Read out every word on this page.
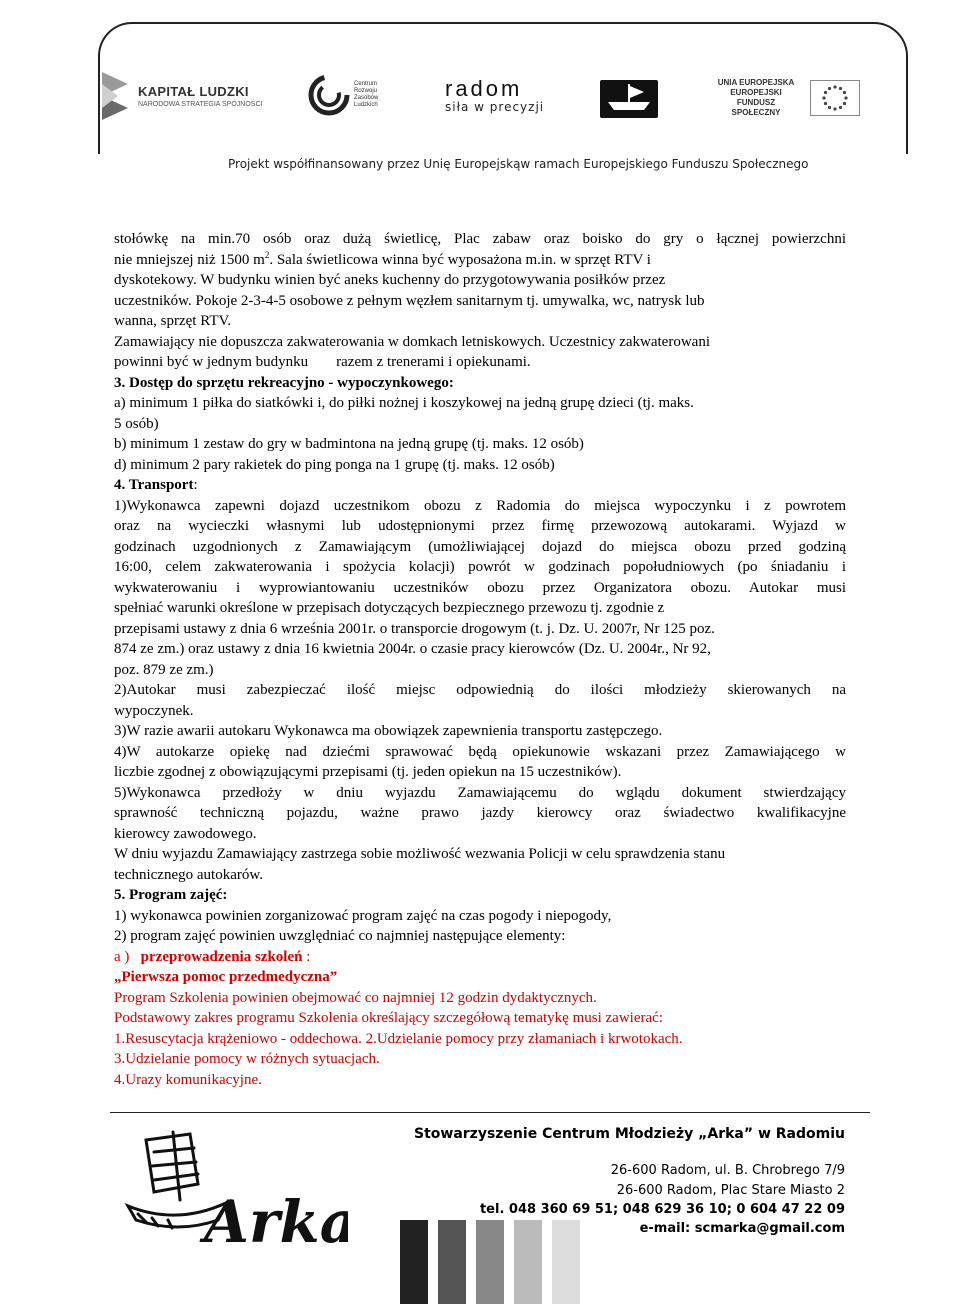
KAPITAŁ LUDZKI
NARODOWA STRATEGIA SPÓJNOŚCI
Centrum
Rozwoju
Zasobów
Ludzkich
radom
siła w precyzji
UNIA EUROPEJSKA
EUROPEJSKI
FUNDUSZ SPOŁECZNY
Projekt współfinansowany przez Unię Europejskąw ramach Europejskiego Funduszu Społecznego

stołówkę na min.70 osób oraz dużą świetlicę, Plac zabaw oraz boisko do gry o łącznej powierzchni

nie mniejszej niż 1500 $m^2$. Sala świetlicowa winna być wyposażona m.in. w sprzęt RTV i

dyskotekowy. W budynku winien być aneks kuchenny do przygotowywania posiłków przez

uczestników. Pokoje 2-3-4-5 osobowe z pełnym węzłem sanitarnym tj. umywalka, wc, natrysk lub

wanna, sprzęt RTV.

Zamawiający nie dopuszcza zakwaterowania w domkach letniskowych. Uczestnicy zakwaterowani

powinni być w jednym budynku razem z trenerami i opiekunami.

3. Dostęp do sprzętu rekreacyjno - wypoczynkowego:

a) minimum 1 piłka do siatkówki i, do piłki nożnej i koszykowej na jedną grupę dzieci (tj. maks.

5 osób)

b) minimum 1 zestaw do gry w badmintona na jedną grupę (tj. maks. 12 osób)

d) minimum 2 pary rakietek do ping ponga na 1 grupę (tj. maks. 12 osób)

4. Transport:

1)Wykonawca zapewni dojazd uczestnikom obozu z Radomia do miejsca wypoczynku i z powrotem

oraz na wycieczki własnymi lub udostępnionymi przez firmę przewozową autokarami. Wyjazd w

godzinach uzgodnionych z Zamawiającym (umożliwiającej dojazd do miejsca obozu przed godziną

16:00, celem zakwaterowania i spożycia kolacji) powrót w godzinach popołudniowych (po śniadaniu i

wykwaterowaniu i wyprowiantowaniu uczestników obozu przez Organizatora obozu. Autokar musi

spełniać warunki określone w przepisach dotyczących bezpiecznego przewozu tj. zgodnie z

przepisami ustawy z dnia 6 września 2001r. o transporcie drogowym (t. j. Dz. U. 2007r, Nr 125 poz.

874 ze zm.) oraz ustawy z dnia 16 kwietnia 2004r. o czasie pracy kierowców (Dz. U. 2004r., Nr 92,

poz. 879 ze zm.)

2)Autokar musi zabezpieczać ilość miejsc odpowiednią do ilości młodzieży skierowanych na

wypoczynek.

3)W razie awarii autokaru Wykonawca ma obowiązek zapewnienia transportu zastępczego.

4)W autokarze opiekę nad dziećmi sprawować będą opiekunowie wskazani przez Zamawiającego w

liczbie zgodnej z obowiązującymi przepisami (tj. jeden opiekun na 15 uczestników).

5)Wykonawca przedłoży w dniu wyjazdu Zamawiającemu do wglądu dokument stwierdzający

sprawność techniczną pojazdu, ważne prawo jazdy kierowcy oraz świadectwo kwalifikacyjne

kierowcy zawodowego.

W dniu wyjazdu Zamawiający zastrzega sobie możliwość wezwania Policji w celu sprawdzenia stanu

technicznego autokarów.

5. Program zajęć:

1) wykonawca powinien zorganizować program zajęć na czas pogody i niepogody,

2) program zajęć powinien uwzględniać co najmniej następujące elementy:

a ) przeprowadzenia szkoleń :

„Pierwsza pomoc przedmedyczna”

Program Szkolenia powinien obejmować co najmniej 12 godzin dydaktycznych.

Podstawowy zakres programu Szkolenia określający szczegółową tematykę musi zawierać:

1.Resuscytacja krążeniowo - oddechowa. 2.Udzielanie pomocy przy złamaniach i krwotokach.

3.Udzielanie pomocy w różnych sytuacjach.

4.Urazy komunikacyjne.

Arka
Stowarzyszenie Centrum Młodzieży „Arka” w Radomiu
26-600 Radom, ul. B. Chrobrego 7/9
26-600 Radom, Plac Stare Miasto 2
tel. 048 360 69 51; 048 629 36 10; 0 604 47 22 09
e-mail: scmarka@gmail.com
